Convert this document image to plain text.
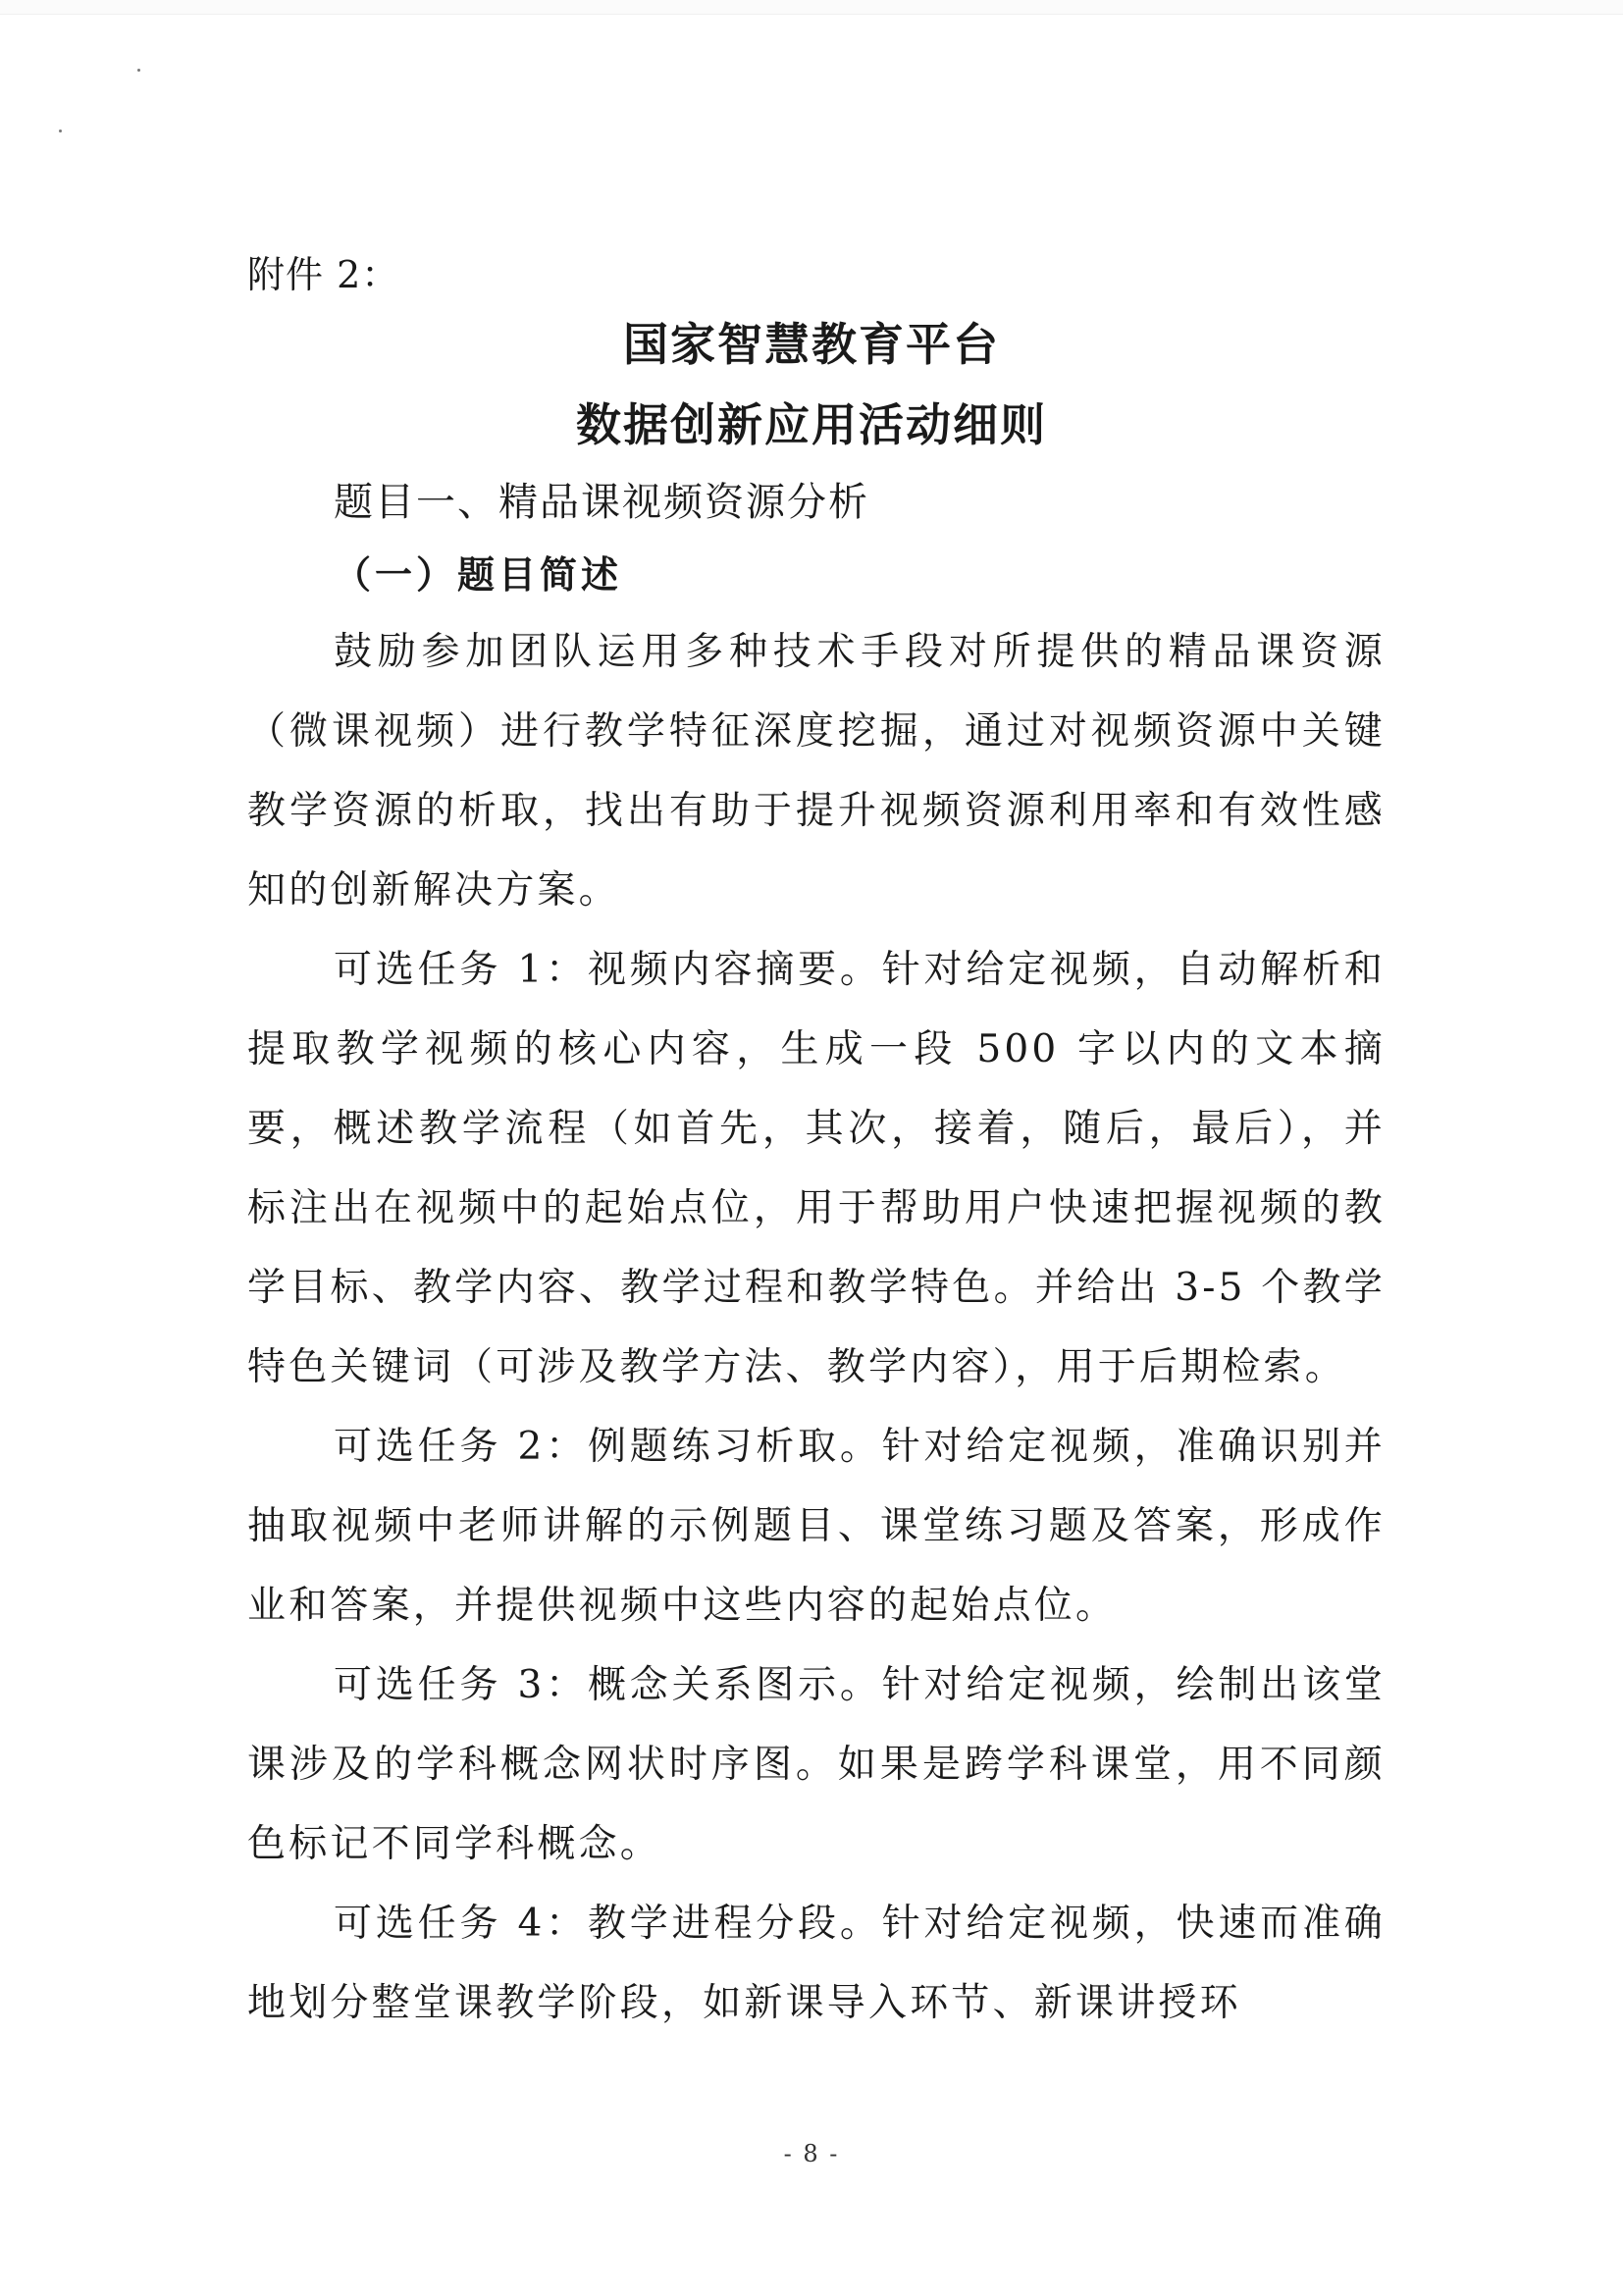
附件 2：
国家智慧教育平台
数据创新应用活动细则
题目一、精品课视频资源分析
（一）题目简述

鼓励参加团队运用多种技术手段对所提供的精品课资源（微课视频）进行教学特征深度挖掘，通过对视频资源中关键教学资源的析取，找出有助于提升视频资源利用率和有效性感知的创新解决方案。

可选任务 1：视频内容摘要。针对给定视频，自动解析和提取教学视频的核心内容，生成一段 500 字以内的文本摘要，概述教学流程（如首先，其次，接着，随后，最后），并标注出在视频中的起始点位，用于帮助用户快速把握视频的教学目标、教学内容、教学过程和教学特色。并给出 3-5 个教学特色关键词（可涉及教学方法、教学内容），用于后期检索。

可选任务 2：例题练习析取。针对给定视频，准确识别并抽取视频中老师讲解的示例题目、课堂练习题及答案，形成作业和答案，并提供视频中这些内容的起始点位。

可选任务 3：概念关系图示。针对给定视频，绘制出该堂课涉及的学科概念网状时序图。如果是跨学科课堂，用不同颜色标记不同学科概念。

可选任务 4：教学进程分段。针对给定视频，快速而准确地划分整堂课教学阶段，如新课导入环节、新课讲授环

- 8 -
